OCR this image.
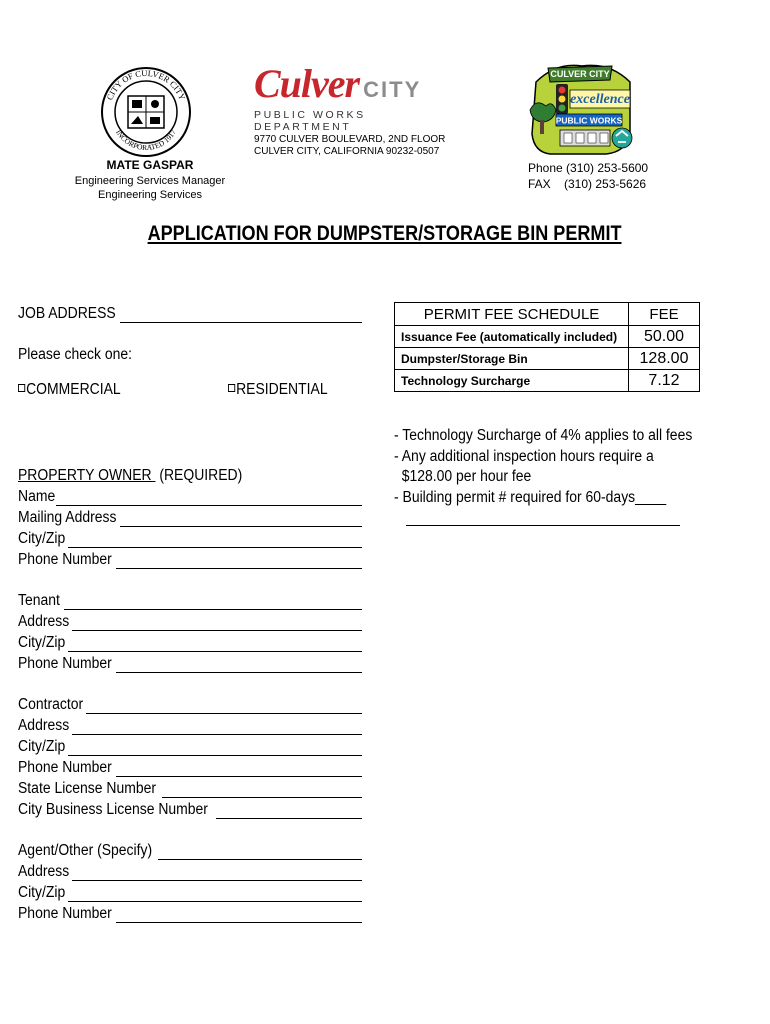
CITY OF CULVER CITY
INCORPORATED 1917
Culver CITY
PUBLIC WORKS DEPARTMENT
9770 CULVER BOULEVARD, 2ND FLOOR
CULVER CITY, CALIFORNIA 90232-0507
CULVER CITY
excellence
PUBLIC WORKS
MATE GASPAR
Engineering Services Manager
Engineering Services
Phone (310) 253-5600
FAX    (310) 253-5626
APPLICATION FOR DUMPSTER/STORAGE BIN PERMIT
JOB ADDRESS
Please check one:
COMMERCIAL	RESIDENTIAL
PROPERTY OWNER  (REQUIRED)
Name
Mailing Address
City/Zip
Phone Number
Tenant
Address
City/Zip
Phone Number
Contractor
Address
City/Zip
Phone Number
State License Number
City Business License Number
Agent/Other (Specify)
Address
City/Zip
Phone Number
PERMIT FEE SCHEDULE	FEE
Issuance Fee (automatically included)	50.00
Dumpster/Storage Bin	128.00
Technology Surcharge	7.12
- Technology Surcharge of 4% applies to all fees
- Any additional inspection hours require a
$128.00 per hour fee
- Building permit # required for 60-days____
